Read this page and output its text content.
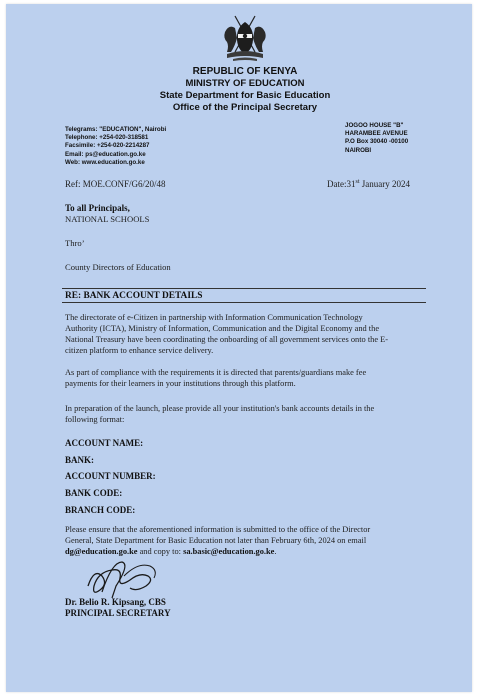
REPUBLIC OF KENYA
MINISTRY OF EDUCATION
State Department for Basic Education
Office of the Principal Secretary
Telegrams: "EDUCATION", Nairobi
Telephone: +254-020-318581
Facsimile: +254-020-2214287
Email: ps@education.go.ke
Web: www.education.go.ke
JOGOO HOUSE "B"
HARAMBEE AVENUE
P.O Box 30040 -00100
NAIROBI
Ref: MOE.CONF/G6/20/48	Date:31st January 2024
To all Principals,
NATIONAL SCHOOLS
Thro’
County Directors of Education
RE: BANK ACCOUNT DETAILS
The directorate of e-Citizen in partnership with Information Communication Technology
Authority (ICTA), Ministry of Information, Communication and the Digital Economy and the
National Treasury have been coordinating the onboarding of all government services onto the E-
citizen platform to enhance service delivery.
As part of compliance with the requirements it is directed that parents/guardians make fee
payments for their learners in your institutions through this platform.
In preparation of the launch, please provide all your institution's bank accounts details in the
following format:
ACCOUNT NAME:
BANK:
ACCOUNT NUMBER:
BANK CODE:
BRANCH CODE:
Please ensure that the aforementioned information is submitted to the office of the Director
General, State Department for Basic Education not later than February 6th, 2024 on email
dg@education.go.ke and copy to: sa.basic@education.go.ke.
Dr. Belio R. Kipsang, CBS
PRINCIPAL SECRETARY
